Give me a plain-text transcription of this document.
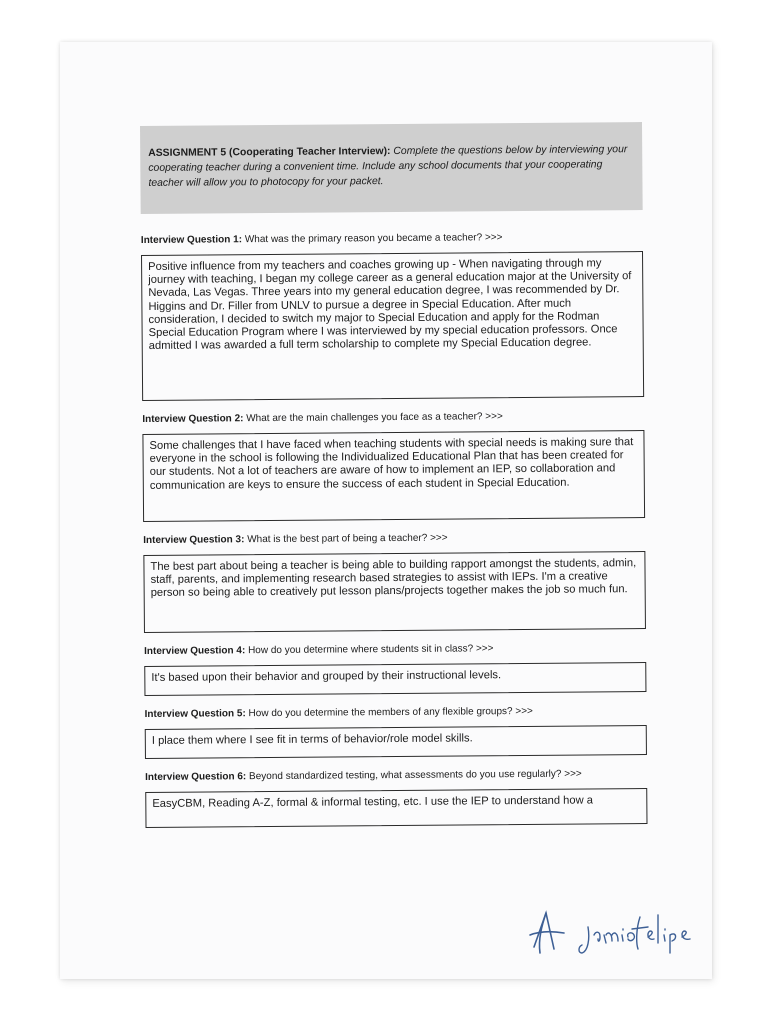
ASSIGNMENT 5 (Cooperating Teacher Interview): Complete the questions below by interviewing your cooperating teacher during a convenient time. Include any school documents that your cooperating teacher will allow you to photocopy for your packet.
Interview Question 1: What was the primary reason you became a teacher? >>>
Positive influence from my teachers and coaches growing up - When navigating through my journey with teaching, I began my college career as a general education major at the University of Nevada, Las Vegas. Three years into my general education degree, I was recommended by Dr. Higgins and Dr. Filler from UNLV to pursue a degree in Special Education. After much consideration, I decided to switch my major to Special Education and apply for the Rodman Special Education Program where I was interviewed by my special education professors. Once admitted I was awarded a full term scholarship to complete my Special Education degree.
Interview Question 2: What are the main challenges you face as a teacher? >>>
Some challenges that I have faced when teaching students with special needs is making sure that everyone in the school is following the Individualized Educational Plan that has been created for our students. Not a lot of teachers are aware of how to implement an IEP, so collaboration and communication are keys to ensure the success of each student in Special Education.
Interview Question 3: What is the best part of being a teacher? >>>
The best part about being a teacher is being able to building rapport amongst the students, admin, staff, parents, and implementing research based strategies to assist with IEPs. I'm a creative person so being able to creatively put lesson plans/projects together makes the job so much fun.
Interview Question 4: How do you determine where students sit in class? >>>
It's based upon their behavior and grouped by their instructional levels.
Interview Question 5: How do you determine the members of any flexible groups? >>>
I place them where I see fit in terms of behavior/role model skills.
Interview Question 6: Beyond standardized testing, what assessments do you use regularly? >>>
EasyCBM, Reading A-Z, formal & informal testing, etc. I use the IEP to understand how a
